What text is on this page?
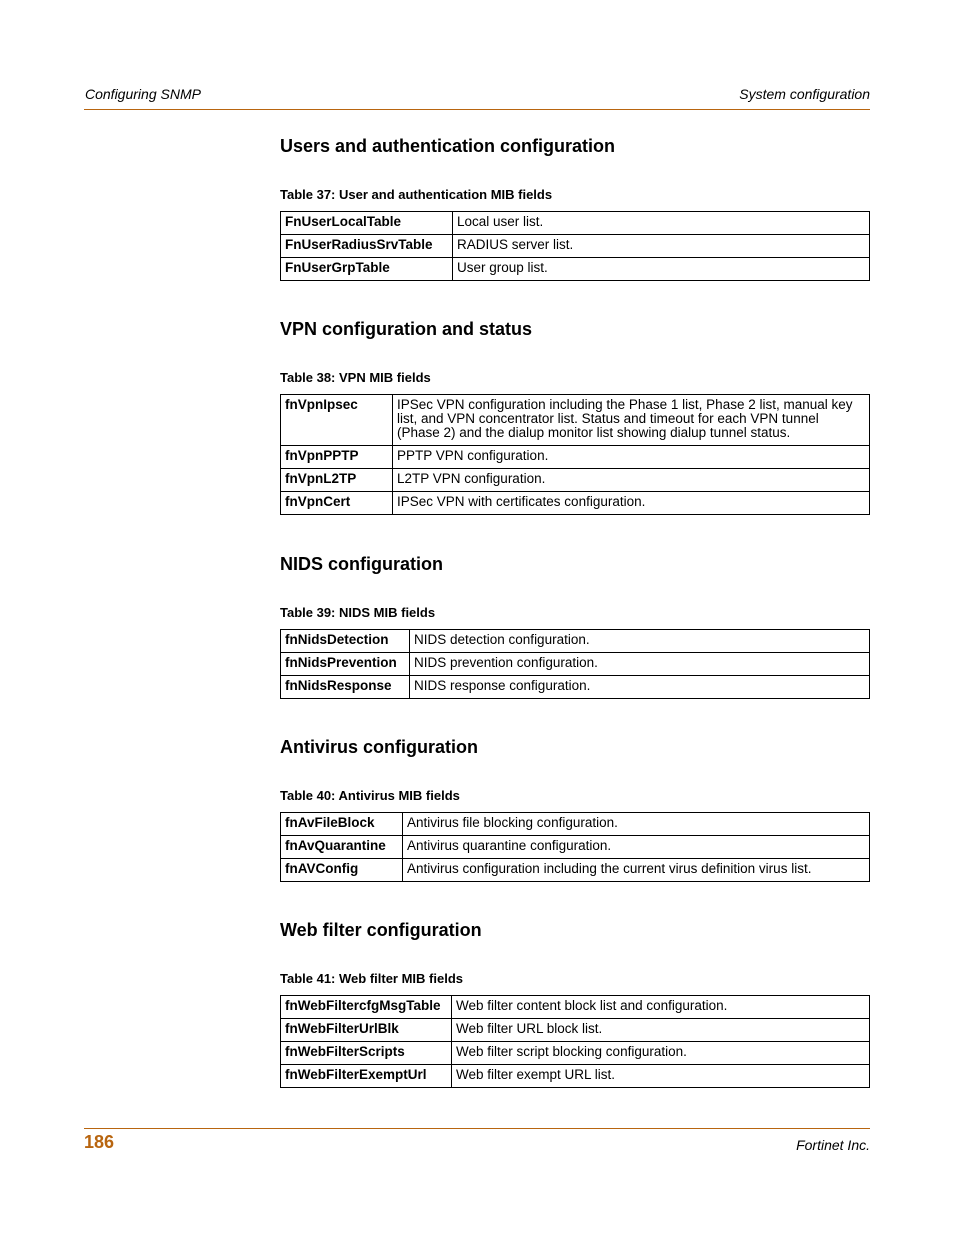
Configuring SNMP	System configuration
Users and authentication configuration
Table 37: User and authentication MIB fields
FnUserLocalTable	Local user list.
FnUserRadiusSrvTable	RADIUS server list.
FnUserGrpTable	User group list.
VPN configuration and status
Table 38: VPN MIB fields
fnVpnIpsec	IPSec VPN configuration including the Phase 1 list, Phase 2 list, manual key list, and VPN concentrator list. Status and timeout for each VPN tunnel (Phase 2) and the dialup monitor list showing dialup tunnel status.
fnVpnPPTP	PPTP VPN configuration.
fnVpnL2TP	L2TP VPN configuration.
fnVpnCert	IPSec VPN with certificates configuration.
NIDS configuration
Table 39: NIDS MIB fields
fnNidsDetection	NIDS detection configuration.
fnNidsPrevention	NIDS prevention configuration.
fnNidsResponse	NIDS response configuration.
Antivirus configuration
Table 40: Antivirus MIB fields
fnAvFileBlock	Antivirus file blocking configuration.
fnAvQuarantine	Antivirus quarantine configuration.
fnAVConfig	Antivirus configuration including the current virus definition virus list.
Web filter configuration
Table 41: Web filter MIB fields
fnWebFiltercfgMsgTable	Web filter content block list and configuration.
fnWebFilterUrlBlk	Web filter URL block list.
fnWebFilterScripts	Web filter script blocking configuration.
fnWebFilterExemptUrl	Web filter exempt URL list.
186	Fortinet Inc.
